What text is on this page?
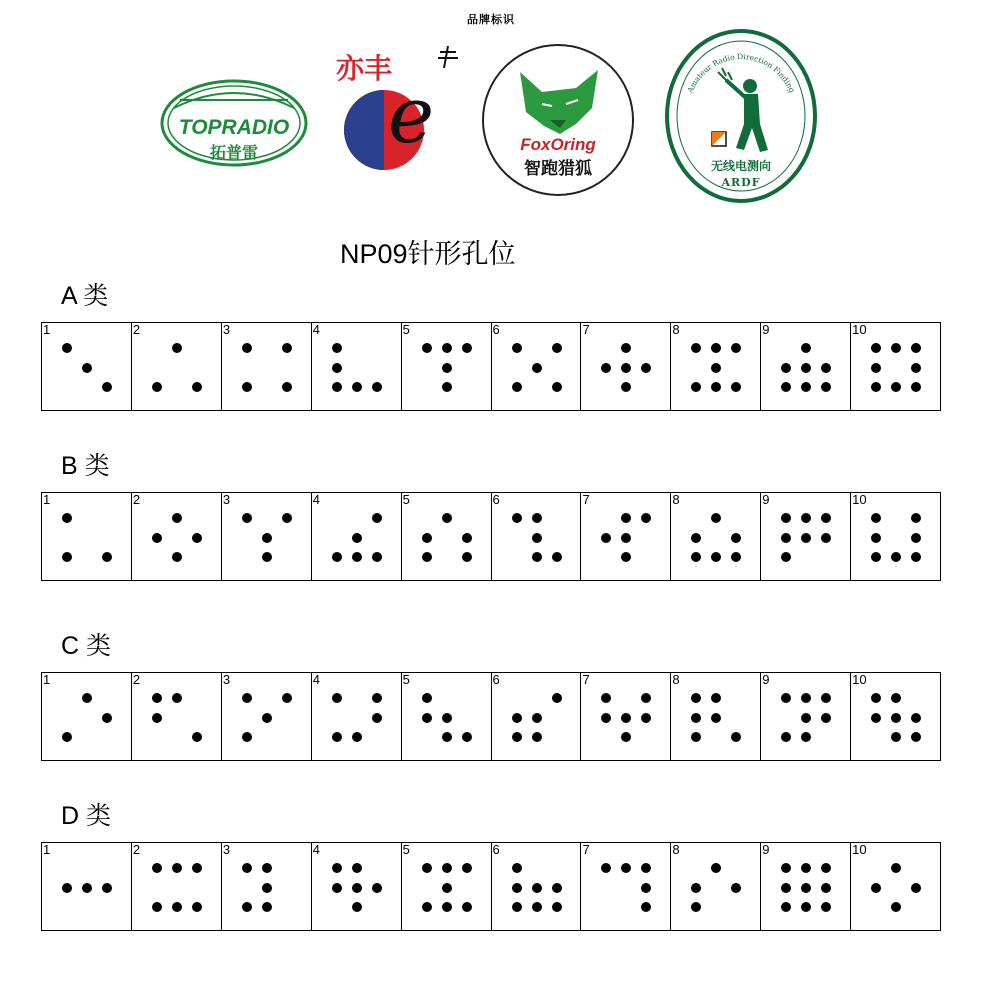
品牌标识
TOPRADIO
拓普雷
亦丰
e	FoxOring
智跑猎狐
Amateur Radio Direction Finding
无线电测向
ARDF
NP09针形孔位
A 类
B 类
C 类
D 类
1	2	3	4	5	6	7	8	9	10
1	2	3	4	5	6	7	8	9	10
1	2	3	4	5	6	7	8	9	10
1	2	3	4	5	6	7	8	9	10
